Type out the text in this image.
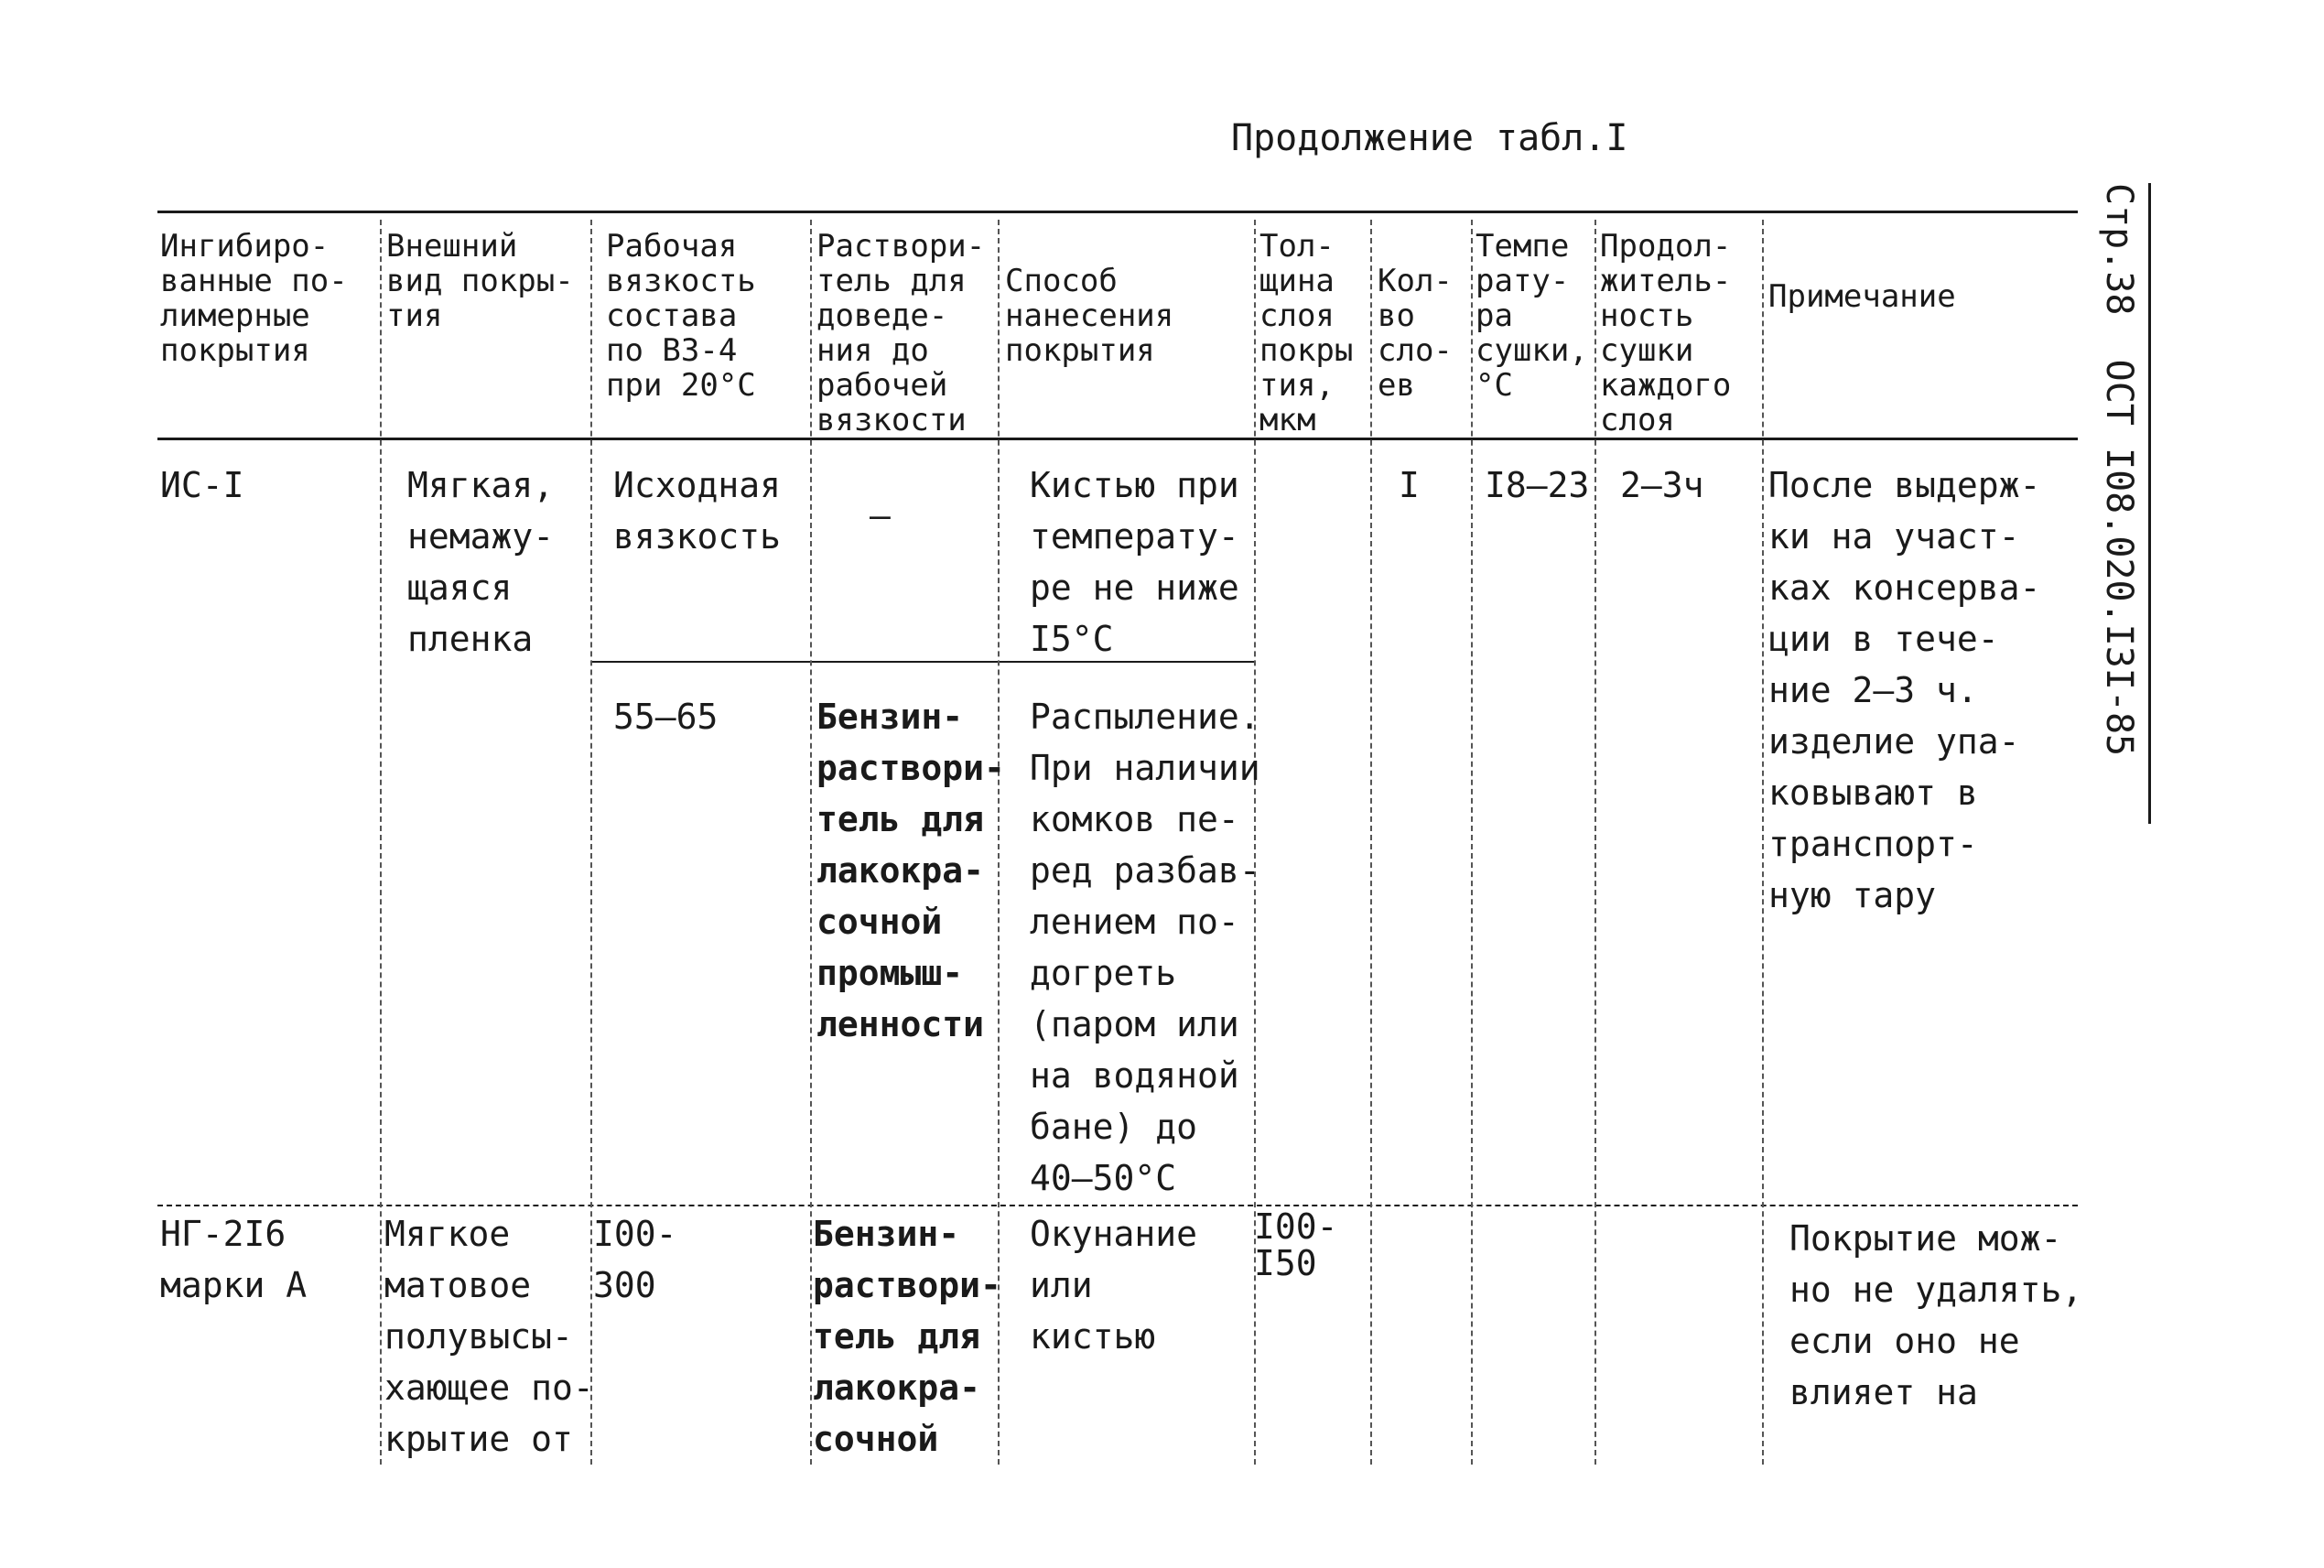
Продолжение табл.I
Стр.38  ОСТ I08.020.I3I-85
Ингибиро-
ванные по-
лимерные
покрытия
Внешний
вид покры-
тия
Рабочая
вязкость
состава
по ВЗ-4
при 20°С
Раствори-
тель для
доведе-
ния до
рабочей
вязкости
Способ
нанесения
покрытия
Тол-
щина
слоя
покры
тия,
мкм
Кол-
во
сло-
ев
Темпе
рату-
ра
сушки,
°С
Продол-
житель-
ность
сушки
каждого
слоя
Примечание
ИС-I	Мягкая,
немажу-
щаяся
пленка
Исходная
вязкость
–
Кистью при
температу-
ре не ниже
I5°С
I I8–23 2–3ч После выдерж-
ки на участ-
ках консерва-
ции в тече-
ние 2–3 ч.
изделие упа-
ковывают в
транспорт-
ную тару
55–65	Бензин-
раствори-
тель для
лакокра-
сочной
промыш-
ленности
Распыление.
При наличии
комков пе-
ред разбав-
лением по-
догреть
(паром или
на водяной
бане) до
40–50°С
НГ-2I6
марки А
Мягкое
матовое
полувысы-
хающее по-
крытие от
I00-
300
Бензин-
раствори-
тель для
лакокра-
сочной
Окунание
или
кистью
I00-
I50
Покрытие мож-
но не удалять,
если оно не
влияет на
